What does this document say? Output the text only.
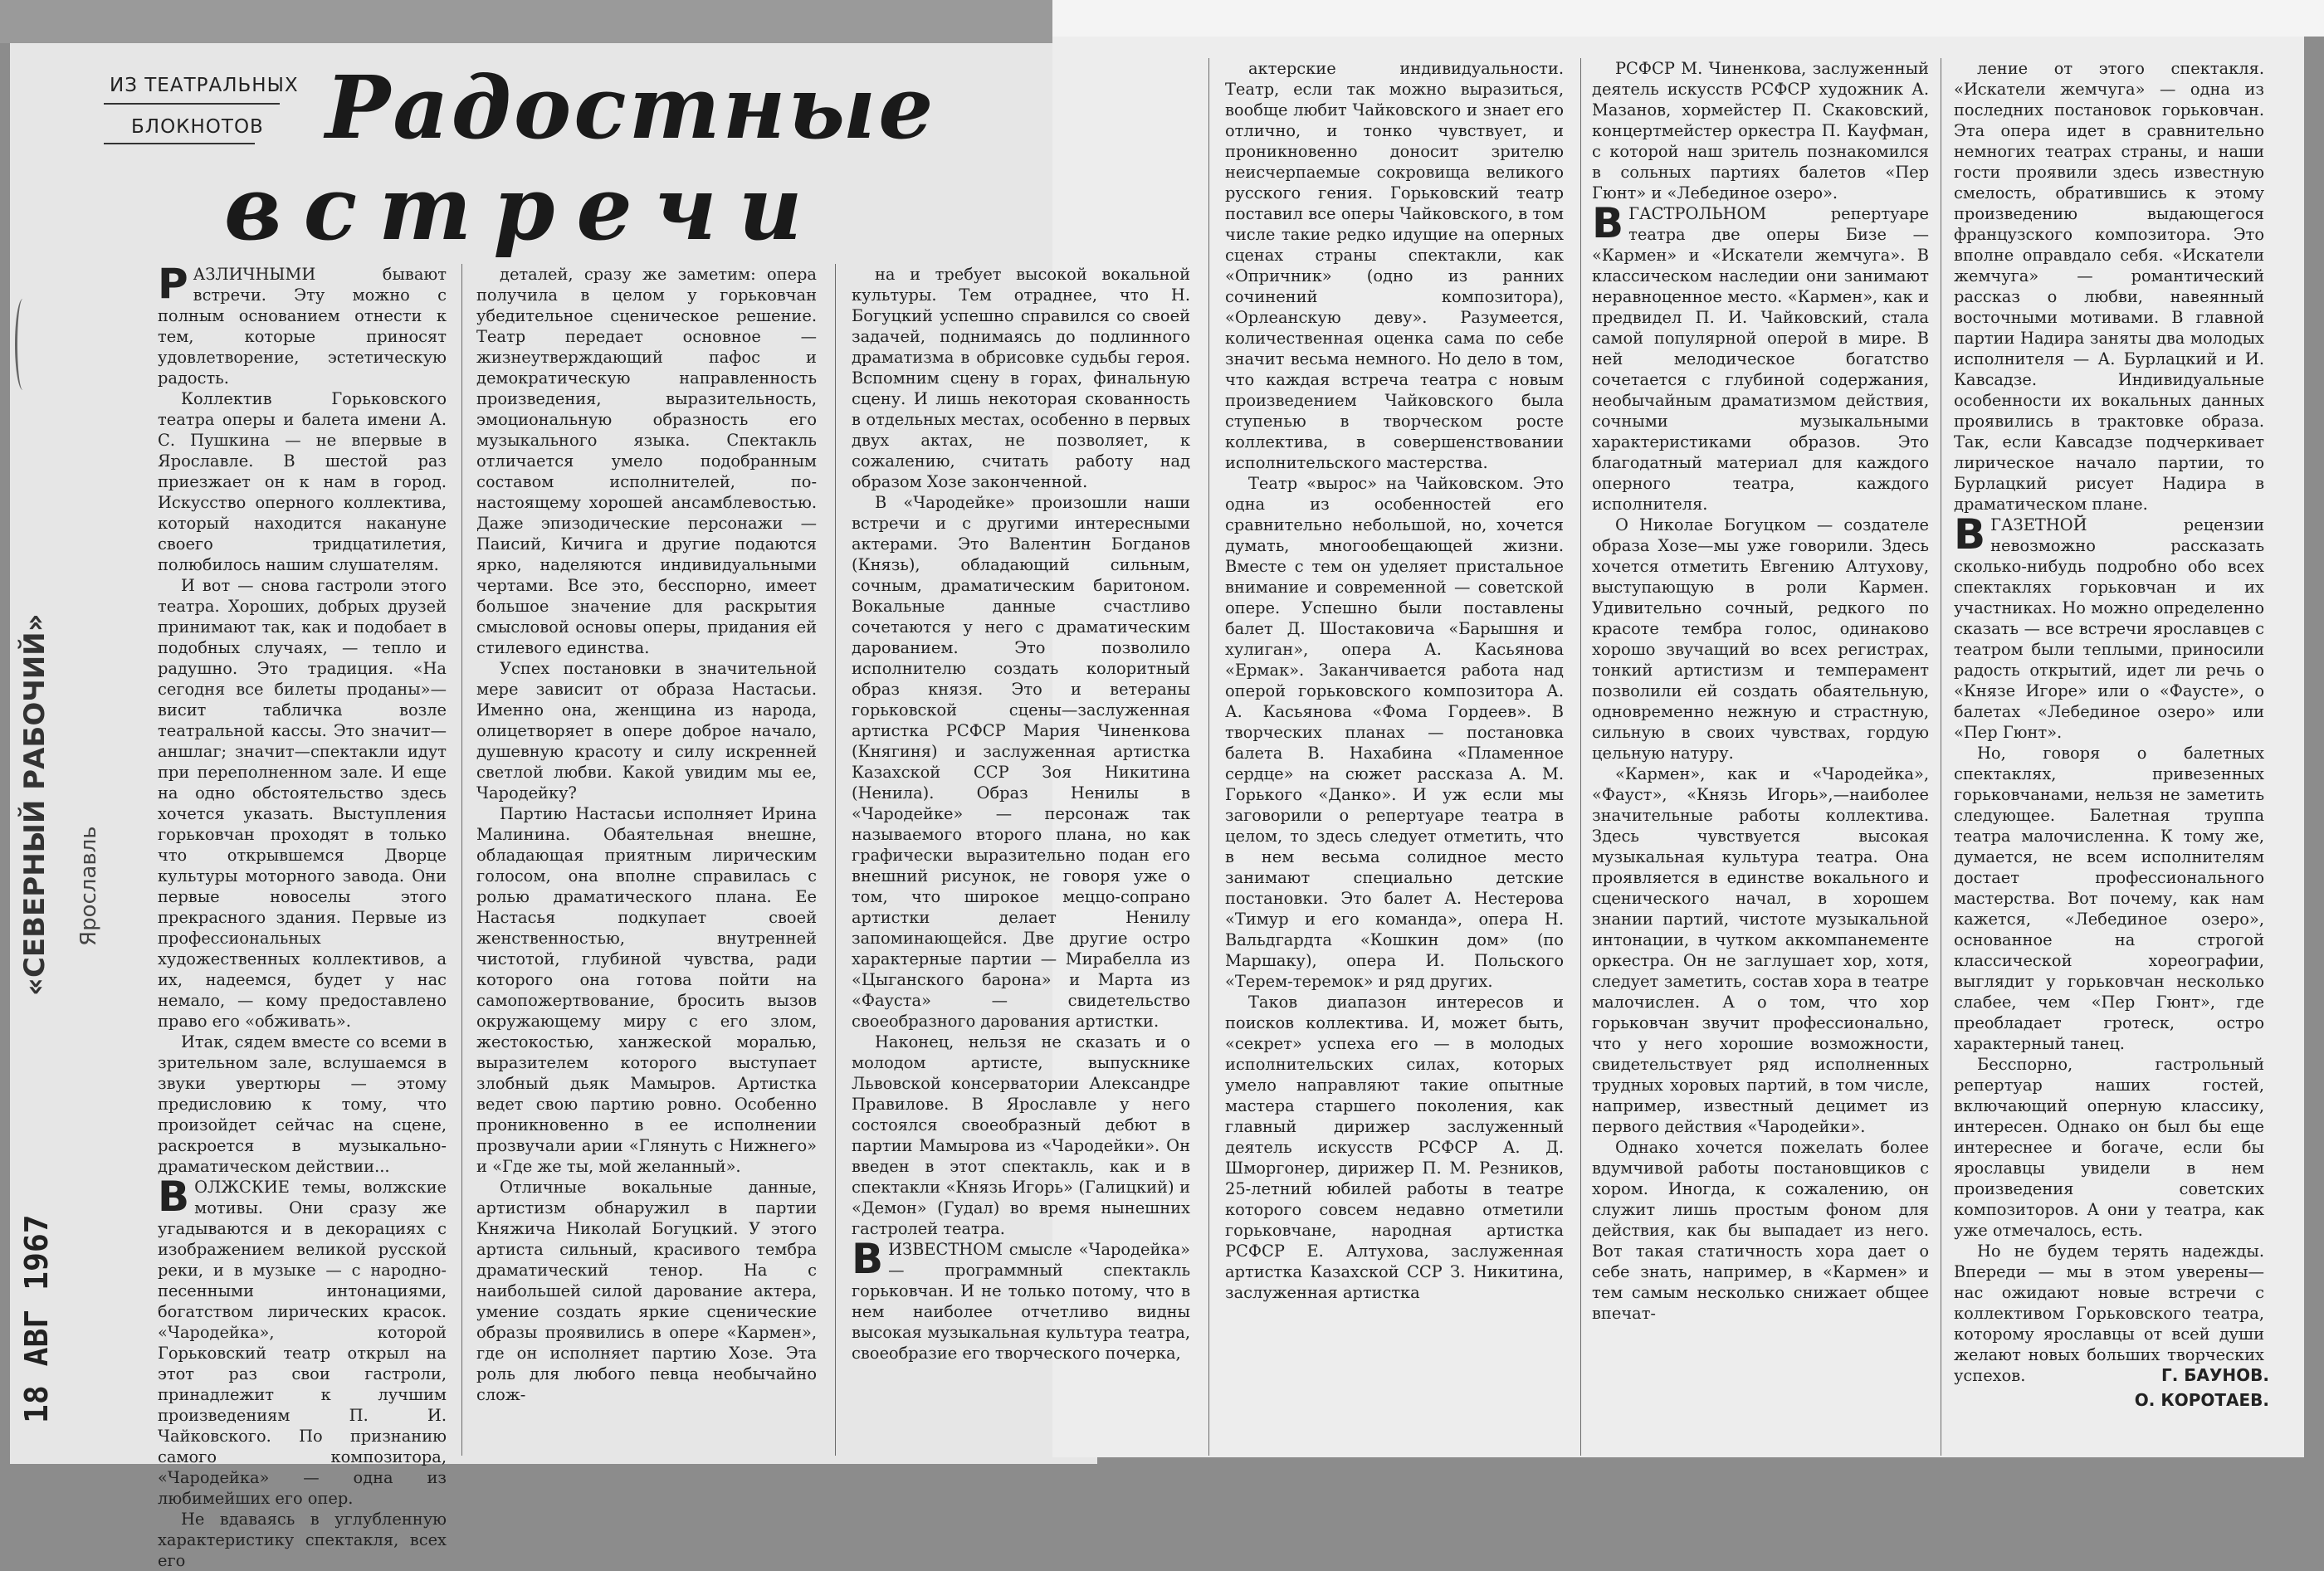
ИЗ ТЕАТРАЛЬНЫХ
БЛОКНОТОВ Радостные
встречи
«СЕВЕРНЫЙ РАБОЧИЙ» Ярославль
18 АВГ 1967

РАЗЛИЧНЫМИ бывают встречи. Эту можно с полным основанием отнести к тем, которые приносят удовлетворение, эстетическую радость.

Коллектив Горьковского театра оперы и балета имени А. С. Пушкина — не впервые в Ярославле. В шестой раз приезжает он к нам в город. Искусство оперного коллектива, который находится накануне своего тридцатилетия, полюбилось нашим слушателям.

И вот — снова гастроли этого театра. Хороших, добрых друзей принимают так, как и подобает в подобных случаях, — тепло и радушно. Это традиция. «На сегодня все билеты проданы»—висит табличка возле театральной кассы. Это значит—аншлаг; значит—спектакли идут при переполненном зале. И еще на одно обстоятельство здесь хочется указать. Выступления горьковчан проходят в только что открывшемся Дворце культуры моторного завода. Они первые новоселы этого прекрасного здания. Первые из профессиональных художественных коллективов, а их, надеемся, будет у нас немало, — кому предоставлено право его «обживать».

Итак, сядем вместе со всеми в зрительном зале, вслушаемся в звуки увертюры — этому предисловию к тому, что произойдет сейчас на сцене, раскроется в музыкально-драматическом действии...

ВОЛЖСКИЕ темы, волжские мотивы. Они сразу же угадываются и в декорациях с изображением великой русской реки, и в музыке — с народно-песенными интонациями, богатством лирических красок. «Чародейка», которой Горьковский театр открыл на этот раз свои гастроли, принадлежит к лучшим произведениям П. И. Чайковского. По признанию самого композитора, «Чародейка» — одна из любимейших его опер.

Не вдаваясь в углубленную характеристику спектакля, всех его

деталей, сразу же заметим: опера получила в целом у горьковчан убедительное сценическое решение. Театр передает основное — жизнеутверждающий пафос и демократическую направленность произведения, выразительность, эмоциональную образность его музыкального языка. Спектакль отличается умело подобранным составом исполнителей, по-настоящему хорошей ансамблевостью. Даже эпизодические персонажи — Паисий, Кичига и другие подаются ярко, наделяются индивидуальными чертами. Все это, бесспорно, имеет большое значение для раскрытия смысловой основы оперы, придания ей стилевого единства.

Успех постановки в значительной мере зависит от образа Настасьи. Именно она, женщина из народа, олицетворяет в опере доброе начало, душевную красоту и силу искренней светлой любви. Какой увидим мы ее, Чародейку?

Партию Настасьи исполняет Ирина Малинина. Обаятельная внешне, обладающая приятным лирическим голосом, она вполне справилась с ролью драматического плана. Ее Настасья подкупает своей женственностью, внутренней чистотой, глубиной чувства, ради которого она готова пойти на самопожертвование, бросить вызов окружающему миру с его злом, жестокостью, ханжеской моралью, выразителем которого выступает злобный дьяк Мамыров. Артистка ведет свою партию ровно. Особенно проникновенно в ее исполнении прозвучали арии «Глянуть с Нижнего» и «Где же ты, мой желанный».

Отличные вокальные данные, артистизм обнаружил в партии Княжича Николай Богуцкий. У этого артиста сильный, красивого тембра драматический тенор. На с наибольшей силой дарование актера, умение создать яркие сценические образы проявились в опере «Кармен», где он исполняет партию Хозе. Эта роль для любого певца необычайно слож-

на и требует высокой вокальной культуры. Тем отраднее, что Н. Богуцкий успешно справился со своей задачей, поднимаясь до подлинного драматизма в обрисовке судьбы героя. Вспомним сцену в горах, финальную сцену. И лишь некоторая скованность в отдельных местах, особенно в первых двух актах, не позволяет, к сожалению, считать работу над образом Хозе законченной.

В «Чародейке» произошли наши встречи и с другими интересными актерами. Это Валентин Богданов (Князь), обладающий сильным, сочным, драматическим баритоном. Вокальные данные счастливо сочетаются у него с драматическим дарованием. Это позволило исполнителю создать колоритный образ князя. Это и ветераны горьковской сцены—заслуженная артистка РСФСР Мария Чиненкова (Княгиня) и заслуженная артистка Казахской ССР Зоя Никитина (Ненила). Образ Ненилы в «Чародейке» — персонаж так называемого второго плана, но как графически выразительно подан его внешний рисунок, не говоря уже о том, что широкое меццо-сопрано артистки делает Ненилу запоминающейся. Две другие остро характерные партии — Мирабелла из «Цыганского барона» и Марта из «Фауста» — свидетельство своеобразного дарования артистки.

Наконец, нельзя не сказать и о молодом артисте, выпускнике Львовской консерватории Александре Правилове. В Ярославле у него состоялся своеобразный дебют в партии Мамырова из «Чародейки». Он введен в этот спектакль, как и в спектакли «Князь Игорь» (Галицкий) и «Демон» (Гудал) во время нынешних гастролей театра.

ВИЗВЕСТНОМ смысле «Чародейка» — программный спектакль горьковчан. И не только потому, что в нем наиболее отчетливо видны высокая музыкальная культура театра, своеобразие его творческого почерка,

актерские индивидуальности. Театр, если так можно выразиться, вообще любит Чайковского и знает его отлично, и тонко чувствует, и проникновенно доносит зрителю неисчерпаемые сокровища великого русского гения. Горьковский театр поставил все оперы Чайковского, в том числе такие редко идущие на оперных сценах страны спектакли, как «Опричник» (одно из ранних сочинений композитора), «Орлеанскую деву». Разумеется, количественная оценка сама по себе значит весьма немного. Но дело в том, что каждая встреча театра с новым произведением Чайковского была ступенью в творческом росте коллектива, в совершенствовании исполнительского мастерства.

Театр «вырос» на Чайковском. Это одна из особенностей его сравнительно небольшой, но, хочется думать, многообещающей жизни. Вместе с тем он уделяет пристальное внимание и современной — советской опере. Успешно были поставлены балет Д. Шостаковича «Барышня и хулиган», опера А. Касьянова «Ермак». Заканчивается работа над оперой горьковского композитора А. А. Касьянова «Фома Гордеев». В творческих планах — постановка балета В. Нахабина «Пламенное сердце» на сюжет рассказа А. М. Горького «Данко». И уж если мы заговорили о репертуаре театра в целом, то здесь следует отметить, что в нем весьма солидное место занимают специально детские постановки. Это балет А. Нестерова «Тимур и его команда», опера Н. Вальдгардта «Кошкин дом» (по Маршаку), опера И. Польского «Терем-теремок» и ряд других.

Таков диапазон интересов и поисков коллектива. И, может быть, «секрет» успеха его — в молодых исполнительских силах, которых умело направляют такие опытные мастера старшего поколения, как главный дирижер заслуженный деятель искусств РСФСР А. Д. Шморгонер, дирижер П. М. Резников, 25-летний юбилей работы в театре которого совсем недавно отметили горьковчане, народная артистка РСФСР Е. Алтухова, заслуженная артистка Казахской ССР З. Никитина, заслуженная артистка

РСФСР М. Чиненкова, заслуженный деятель искусств РСФСР художник А. Мазанов, хормейстер П. Скаковский, концертмейстер оркестра П. Кауфман, с которой наш зритель познакомился в сольных партиях балетов «Пер Гюнт» и «Лебединое озеро».

ВГАСТРОЛЬНОМ репертуаре театра две оперы Бизе — «Кармен» и «Искатели жемчуга». В классическом наследии они занимают неравноценное место. «Кармен», как и предвидел П. И. Чайковский, стала самой популярной оперой в мире. В ней мелодическое богатство сочетается с глубиной содержания, необычайным драматизмом действия, сочными музыкальными характеристиками образов. Это благодатный материал для каждого оперного театра, каждого исполнителя.

О Николае Богуцком — создателе образа Хозе—мы уже говорили. Здесь хочется отметить Евгению Алтухову, выступающую в роли Кармен. Удивительно сочный, редкого по красоте тембра голос, одинаково хорошо звучащий во всех регистрах, тонкий артистизм и темперамент позволили ей создать обаятельную, одновременно нежную и страстную, сильную в своих чувствах, гордую цельную натуру.

«Кармен», как и «Чародейка», «Фауст», «Князь Игорь»,—наиболее значительные работы коллектива. Здесь чувствуется высокая музыкальная культура театра. Она проявляется в единстве вокального и сценического начал, в хорошем знании партий, чистоте музыкальной интонации, в чутком аккомпанементе оркестра. Он не заглушает хор, хотя, следует заметить, состав хора в театре малочислен. А о том, что хор горьковчан звучит профессионально, что у него хорошие возможности, свидетельствует ряд исполненных трудных хоровых партий, в том числе, например, известный децимет из первого действия «Чародейки».

Однако хочется пожелать более вдумчивой работы постановщиков с хором. Иногда, к сожалению, он служит лишь простым фоном для действия, как бы выпадает из него. Вот такая статичность хора дает о себе знать, например, в «Кармен» и тем самым несколько снижает общее впечат-

ление от этого спектакля. «Искатели жемчуга» — одна из последних постановок горьковчан. Эта опера идет в сравнительно немногих театрах страны, и наши гости проявили здесь известную смелость, обратившись к этому произведению выдающегося французского композитора. Это вполне оправдало себя. «Искатели жемчуга» — романтический рассказ о любви, навеянный восточными мотивами. В главной партии Надира заняты два молодых исполнителя — А. Бурлацкий и И. Кавсадзе. Индивидуальные особенности их вокальных данных проявились в трактовке образа. Так, если Кавсадзе подчеркивает лирическое начало партии, то Бурлацкий рисует Надира в драматическом плане.

ВГАЗЕТНОЙ рецензии невозможно рассказать сколько-нибудь подробно обо всех спектаклях горьковчан и их участниках. Но можно определенно сказать — все встречи ярославцев с театром были теплыми, приносили радость открытий, идет ли речь о «Князе Игоре» или о «Фаусте», о балетах «Лебединое озеро» или «Пер Гюнт».

Но, говоря о балетных спектаклях, привезенных горьковчанами, нельзя не заметить следующее. Балетная труппа театра малочисленна. К тому же, думается, не всем исполнителям достает профессионального мастерства. Вот почему, как нам кажется, «Лебединое озеро», основанное на строгой классической хореографии, выглядит у горьковчан несколько слабее, чем «Пер Гюнт», где преобладает гротеск, остро характерный танец.

Бесспорно, гастрольный репертуар наших гостей, включающий оперную классику, интересен. Однако он был бы еще интереснее и богаче, если бы ярославцы увидели в нем произведения советских композиторов. А они у театра, как уже отмечалось, есть.

Но не будем терять надежды. Впереди — мы в этом уверены— нас ожидают новые встречи с коллективом Горьковского театра, которому ярославцы от всей души желают новых больших творческих успехов.	Г. БАУНОВ.
О. КОРОТАЕВ.
